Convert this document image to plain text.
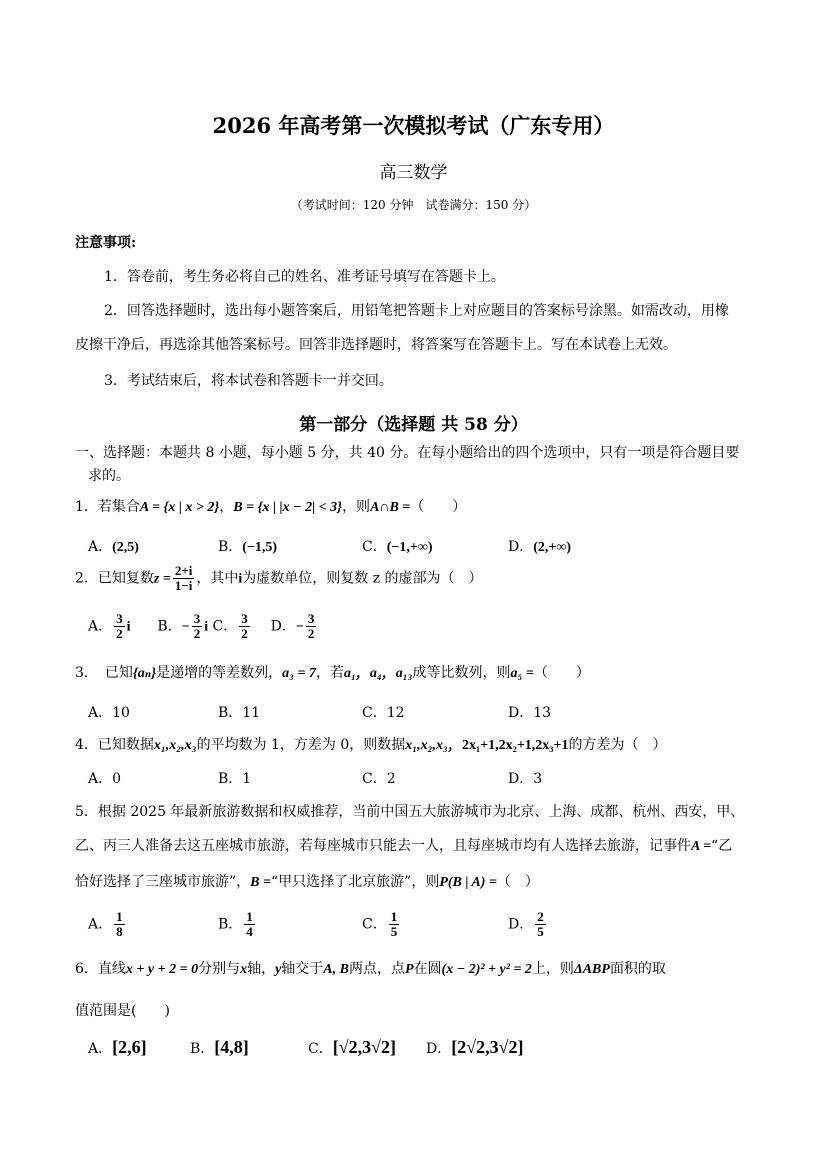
2026 年高考第一次模拟考试（广东专用）
高三数学
（考试时间：120 分钟　试卷满分：150 分）
注意事项:
1．答卷前，考生务必将自己的姓名、准考证号填写在答题卡上。
2．回答选择题时，选出每小题答案后，用铅笔把答题卡上对应题目的答案标号涂黑。如需改动，用橡
皮擦干净后，再选涂其他答案标号。回答非选择题时，将答案写在答题卡上。写在本试卷上无效。
3．考试结束后，将本试卷和答题卡一并交回。
第一部分（选择题 共 58 分）
一、选择题：本题共 8 小题，每小题 5 分，共 40 分。在每小题给出的四个选项中，只有一项是符合题目要
求的。
1．若集合A = {x | x > 2}，B = {x | |x − 2| < 3}，则A∩B =（　　）
A．(2,5)	B．(−1,5)	C．(−1,+∞)	D．(2,+∞)
2．已知复数$z = \frac{2+i}{1-i}$ ，其中i为虚数单位，则复数 z 的虚部为（　）
A． $\frac{3}{2}$ i B．− $\frac{3}{2}$ i C． $\frac{3}{2}$ D．− $\frac{3}{2}$
3．　已知{aₙ}是递增的等差数列，a₃ = 7，若a₁，a₄，a₁₃成等比数列，则a₅ =（　　）
A．10	B．11	C．12	D．13
4．已知数据x₁,x₂,x₃的平均数为 1，方差为 0，则数据x₁,x₂,x₃，2x₁+1,2x₂+1,2x₃+1的方差为（　）
A．0	B．1	C．2	D．3
5．根据 2025 年最新旅游数据和权威推荐，当前中国五大旅游城市为北京、上海、成都、杭州、西安，甲、
乙、丙三人准备去这五座城市旅游，若每座城市只能去一人，且每座城市均有人选择去旅游，记事件A =“乙
恰好选择了三座城市旅游”，B =“甲只选择了北京旅游”，则P(B | A) =（　）
A． $\frac{1}{8}$	B． $\frac{1}{4}$	C． $\frac{1}{5}$	D． $\frac{2}{5}$
6．直线x + y + 2 = 0分别与x轴，y轴交于A, B两点，点P在圆(x − 2)² + y² = 2上，则ΔABP面积的取
值范围是(　　)
A．[2,6]	B．[4,8]	C．[√2,3√2] D．[2√2,3√2]
